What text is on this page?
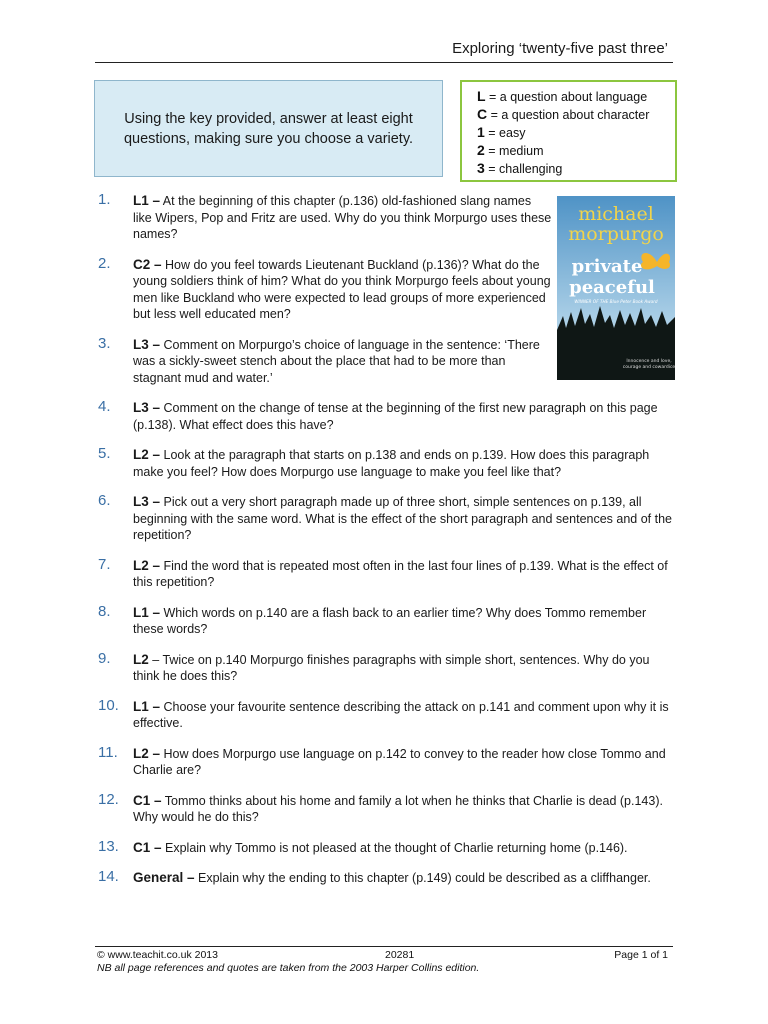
Exploring ‘twenty-five past three’
Using the key provided, answer at least eight questions, making sure you choose a variety.
L = a question about language
C = a question about character
1 = easy
2 = medium
3 = challenging
michael
morpurgo
private
peaceful
WINNER OF THE Blue Peter Book Award
Innocence and love,
courage and cowardice
1. L1 – At the beginning of this chapter (p.136) old-fashioned slang names like Wipers, Pop and Fritz are used. Why do you think Morpurgo uses these names?
2. C2 – How do you feel towards Lieutenant Buckland (p.136)? What do the young soldiers think of him? What do you think Morpurgo feels about young men like Buckland who were expected to lead groups of more experienced but less well educated men?
3. L3 – Comment on Morpurgo’s choice of language in the sentence: ‘There was a sickly-sweet stench about the place that had to be more than stagnant mud and water.’
4. L3 – Comment on the change of tense at the beginning of the first new paragraph on this page (p.138). What effect does this have?
5. L2 – Look at the paragraph that starts on p.138 and ends on p.139. How does this paragraph make you feel? How does Morpurgo use language to make you feel like that?
6. L3 – Pick out a very short paragraph made up of three short, simple sentences on p.139, all beginning with the same word. What is the effect of the short paragraph and sentences and of the repetition?
7. L2 – Find the word that is repeated most often in the last four lines of p.139. What is the effect of this repetition?
8. L1 – Which words on p.140 are a flash back to an earlier time? Why does Tommo remember these words?
9. L2 – Twice on p.140 Morpurgo finishes paragraphs with simple short, sentences. Why do you think he does this?
10. L1 – Choose your favourite sentence describing the attack on p.141 and comment upon why it is effective.
11. L2 – How does Morpurgo use language on p.142 to convey to the reader how close Tommo and Charlie are?
12. C1 – Tommo thinks about his home and family a lot when he thinks that Charlie is dead (p.143). Why would he do this?
13. C1 – Explain why Tommo is not pleased at the thought of Charlie returning home (p.146).
14. General – Explain why the ending to this chapter (p.149) could be described as a cliffhanger.
© www.teachit.co.uk 2013	20281	Page 1 of 1
NB all page references and quotes are taken from the 2003 Harper Collins edition.
